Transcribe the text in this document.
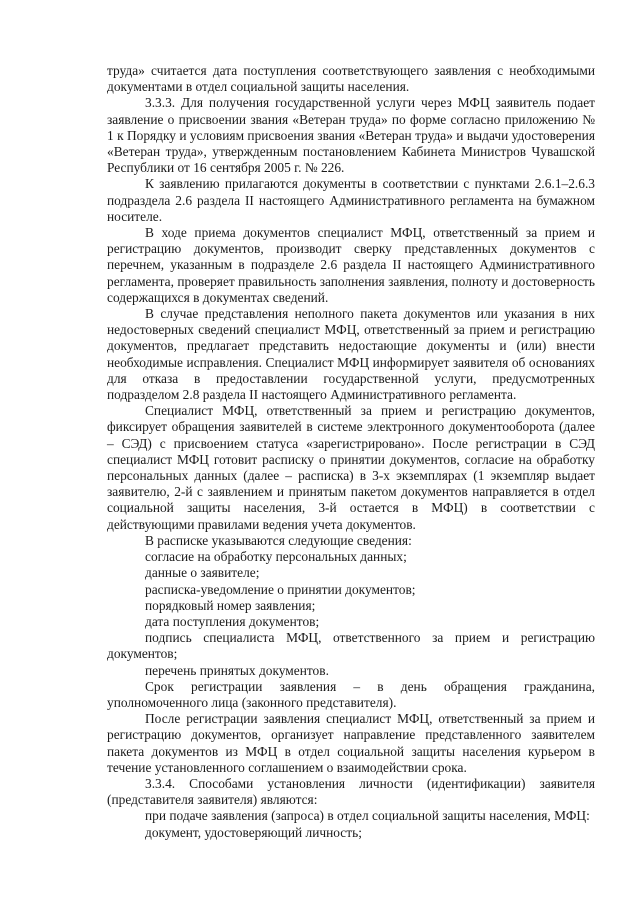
труда» считается дата поступления соответствующего заявления с необходимыми документами в отдел социальной защиты населения.

3.3.3. Для получения государственной услуги через МФЦ заявитель подает заявление о присвоении звания «Ветеран труда» по форме согласно приложению № 1 к Порядку и условиям присвоения звания «Ветеран труда» и выдачи удостоверения «Ветеран труда», утвержденным постановлением Кабинета Министров Чувашской Республики от 16 сентября 2005 г. № 226.

К заявлению прилагаются документы в соответствии с пунктами 2.6.1–2.6.3 подраздела 2.6 раздела II настоящего Административного регламента на бумажном носителе.

В ходе приема документов специалист МФЦ, ответственный за прием и регистрацию документов, производит сверку представленных документов с перечнем, указанным в подразделе 2.6 раздела II настоящего Административного регламента, проверяет правильность заполнения заявления, полноту и достоверность содержащихся в документах сведений.

В случае представления неполного пакета документов или указания в них недостоверных сведений специалист МФЦ, ответственный за прием и регистрацию документов, предлагает представить недостающие документы и (или) внести необходимые исправления. Специалист МФЦ информирует заявителя об основаниях для отказа в предоставлении государственной услуги, предусмотренных подразделом 2.8 раздела II настоящего Административного регламента.

Специалист МФЦ, ответственный за прием и регистрацию документов, фиксирует обращения заявителей в системе электронного документооборота (далее – СЭД) с присвоением статуса «зарегистрировано». После регистрации в СЭД специалист МФЦ готовит расписку о принятии документов, согласие на обработку персональных данных (далее – расписка) в 3-х экземплярах (1 экземпляр выдает заявителю, 2-й с заявлением и принятым пакетом документов направляется в отдел социальной защиты населения, 3-й остается в МФЦ) в соответствии с действующими правилами ведения учета документов.

В расписке указываются следующие сведения:

согласие на обработку персональных данных;

данные о заявителе;

расписка-уведомление о принятии документов;

порядковый номер заявления;

дата поступления документов;

подпись специалиста МФЦ, ответственного за прием и регистрацию документов;

перечень принятых документов.

Срок регистрации заявления – в день обращения гражданина, уполномоченного лица (законного представителя).

После регистрации заявления специалист МФЦ, ответственный за прием и регистрацию документов, организует направление представленного заявителем пакета документов из МФЦ в отдел социальной защиты населения курьером в течение установленного соглашением о взаимодействии срока.

3.3.4. Способами установления личности (идентификации) заявителя (представителя заявителя) являются:

при подаче заявления (запроса) в отдел социальной защиты населения, МФЦ:

документ, удостоверяющий личность;
